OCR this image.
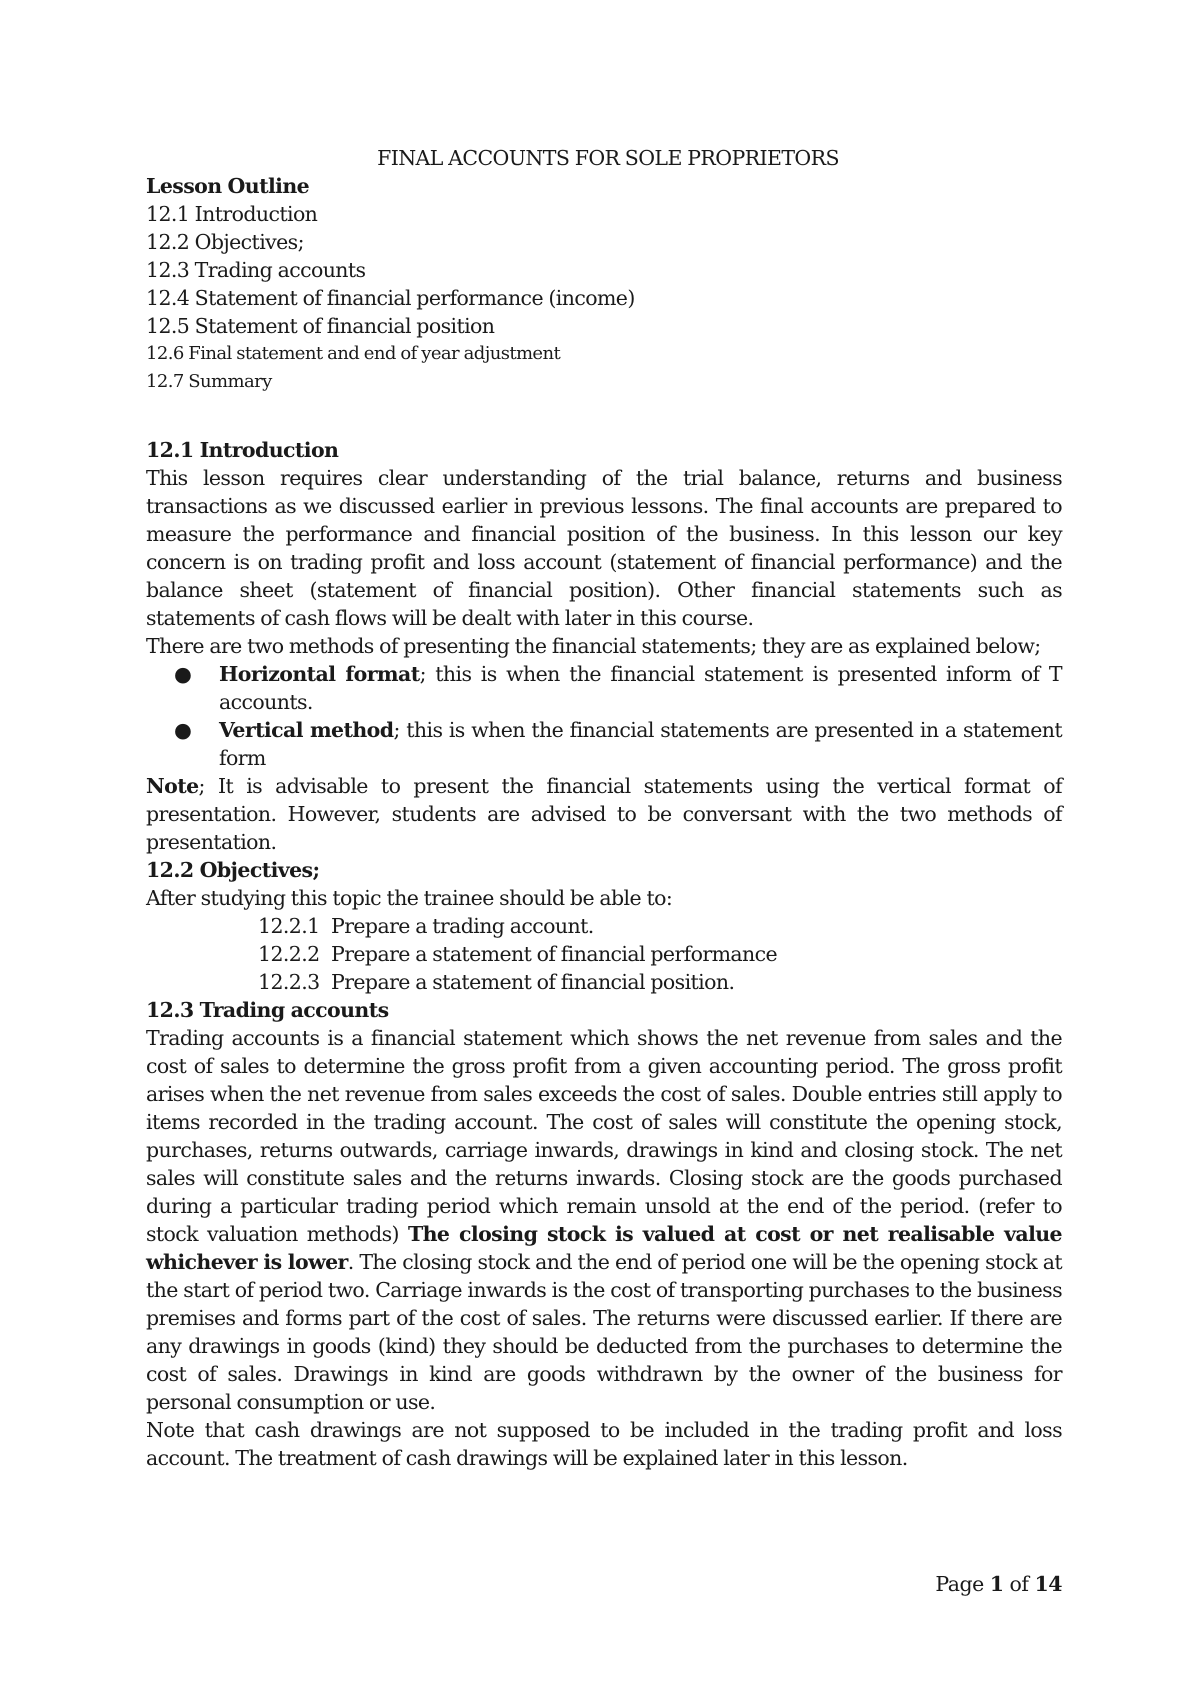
FINAL ACCOUNTS FOR SOLE PROPRIETORS

Lesson Outline

12.1 Introduction

12.2 Objectives;

12.3 Trading accounts

12.4 Statement of financial performance (income)

12.5 Statement of financial position

12.6 Final statement and end of year adjustment

12.7 Summary

12.1 Introduction

This lesson requires clear understanding of the trial balance, returns and business transactions as we discussed earlier in previous lessons. The final accounts are prepared to measure the performance and financial position of the business. In this lesson our key concern is on trading profit and loss account (statement of financial performance) and the balance sheet (statement of financial position). Other financial statements such as statements of cash flows will be dealt with later in this course.

There are two methods of presenting the financial statements; they are as explained below;

● Horizontal format; this is when the financial statement is presented inform of T accounts.

● Vertical method; this is when the financial statements are presented in a statement form

Note; It is advisable to present the financial statements using the vertical format of presentation. However, students are advised to be conversant with the two methods of presentation.

12.2 Objectives;

After studying this topic the trainee should be able to:

12.2.1 Prepare a trading account.

12.2.2 Prepare a statement of financial performance

12.2.3 Prepare a statement of financial position.

12.3 Trading accounts

Trading accounts is a financial statement which shows the net revenue from sales and the cost of sales to determine the gross profit from a given accounting period. The gross profit arises when the net revenue from sales exceeds the cost of sales. Double entries still apply to items recorded in the trading account. The cost of sales will constitute the opening stock, purchases, returns outwards, carriage inwards, drawings in kind and closing stock. The net sales will constitute sales and the returns inwards. Closing stock are the goods purchased during a particular trading period which remain unsold at the end of the period. (refer to stock valuation methods) The closing stock is valued at cost or net realisable value whichever is lower. The closing stock and the end of period one will be the opening stock at the start of period two. Carriage inwards is the cost of transporting purchases to the business premises and forms part of the cost of sales. The returns were discussed earlier. If there are any drawings in goods (kind) they should be deducted from the purchases to determine the cost of sales. Drawings in kind are goods withdrawn by the owner of the business for personal consumption or use.

Note that cash drawings are not supposed to be included in the trading profit and loss account. The treatment of cash drawings will be explained later in this lesson.

Page 1 of 14
